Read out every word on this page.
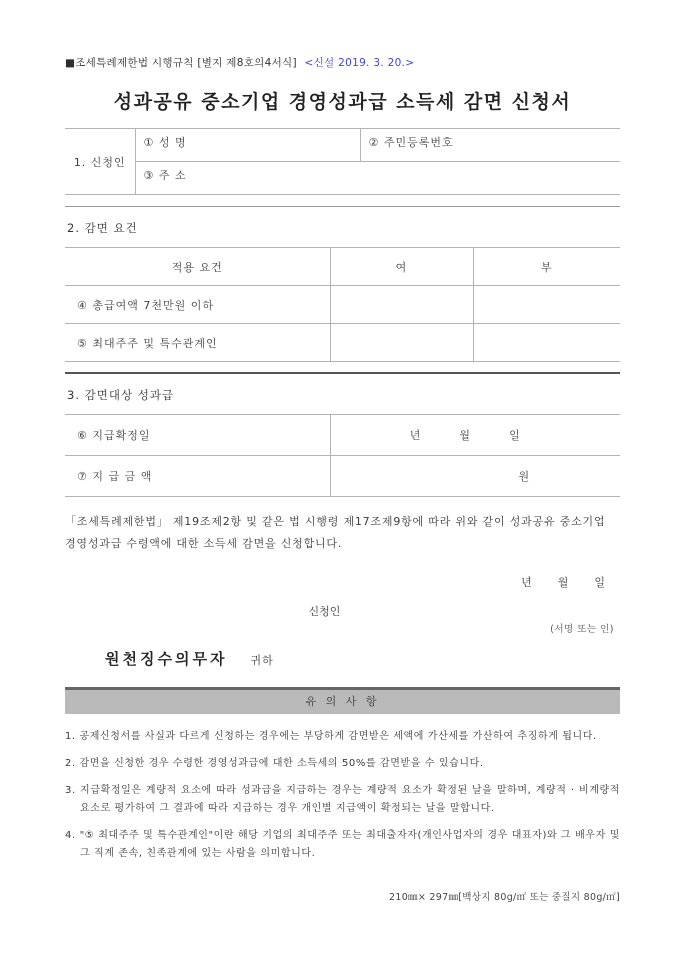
■조세특례제한법 시행규칙 [별지 제8호의4서식] <신설 2019. 3. 20.>
성과공유 중소기업 경영성과급 소득세 감면 신청서
1. 신청인	① 성 명	② 주민등록번호
③ 주 소
2. 감면 요건
적용 요건	여	부
④ 총급여액 7천만원 이하		
⑤ 최대주주 및 특수관계인		
3. 감면대상 성과급
⑥ 지급확정일	년 월 일
⑦ 지 급 금 액	원
「조세특례제한법」 제19조제2항 및 같은 법 시행령 제17조제9항에 따라 위와 같이 성과공유 중소기업 경영성과급 수령액에 대한 소득세 감면을 신청합니다.
년 월 일
신청인
(서명 또는 인)
원천징수의무자 귀하
유 의 사 항
1. 공제신청서를 사실과 다르게 신청하는 경우에는 부당하게 감면받은 세액에 가산세를 가산하여 추징하게 됩니다.
2. 감면을 신청한 경우 수령한 경영성과급에 대한 소득세의 50%를 감면받을 수 있습니다.
3. 지급확정일은 계량적 요소에 따라 성과급을 지급하는 경우는 계량적 요소가 확정된 날을 말하며, 계량적 · 비계량적 요소로 평가하여 그 결과에 따라 지급하는 경우 개인별 지급액이 확정되는 날을 말합니다.
4. "⑤ 최대주주 및 특수관계인"이란 해당 기업의 최대주주 또는 최대출자자(개인사업자의 경우 대표자)와 그 배우자 및 그 직계 존속, 친족관계에 있는 사람을 의미합니다.
210㎜× 297㎜[백상지 80g/㎡ 또는 중질지 80g/㎡]
